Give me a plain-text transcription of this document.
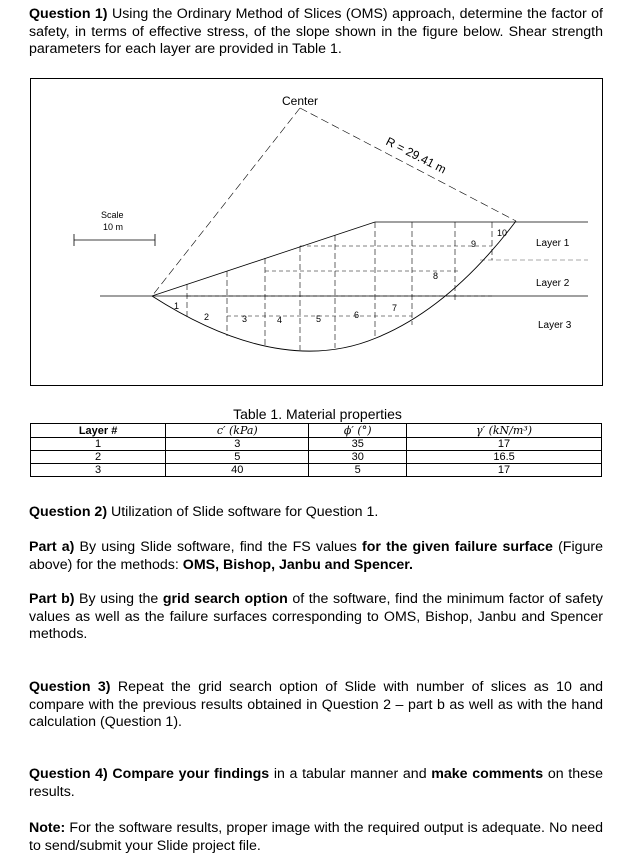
Question 1) Using the Ordinary Method of Slices (OMS) approach, determine the factor of safety, in terms of effective stress, of the slope shown in the figure below. Shear strength parameters for each layer are provided in Table 1.
Scale
10 m
Center
R = 29.41 m
Layer 1
Layer 2
Layer 3
1
2	3	4	5	6
7
8
9
10
Table 1. Material properties
Layer #	c′ (kPa)	ϕ′ (°)	γ′ (kN/m³)
1	3	35	17
2	5	30	16.5
3	40	5	17
Question 2) Utilization of Slide software for Question 1.
Part a) By using Slide software, find the FS values for the given failure surface (Figure above) for the methods: OMS, Bishop, Janbu and Spencer.
Part b) By using the grid search option of the software, find the minimum factor of safety values as well as the failure surfaces corresponding to OMS, Bishop, Janbu and Spencer methods.
Question 3) Repeat the grid search option of Slide with number of slices as 10 and compare with the previous results obtained in Question 2 – part b as well as with the hand calculation (Question 1).
Question 4) Compare your findings in a tabular manner and make comments on these results.
Note: For the software results, proper image with the required output is adequate. No need to send/submit your Slide project file.
